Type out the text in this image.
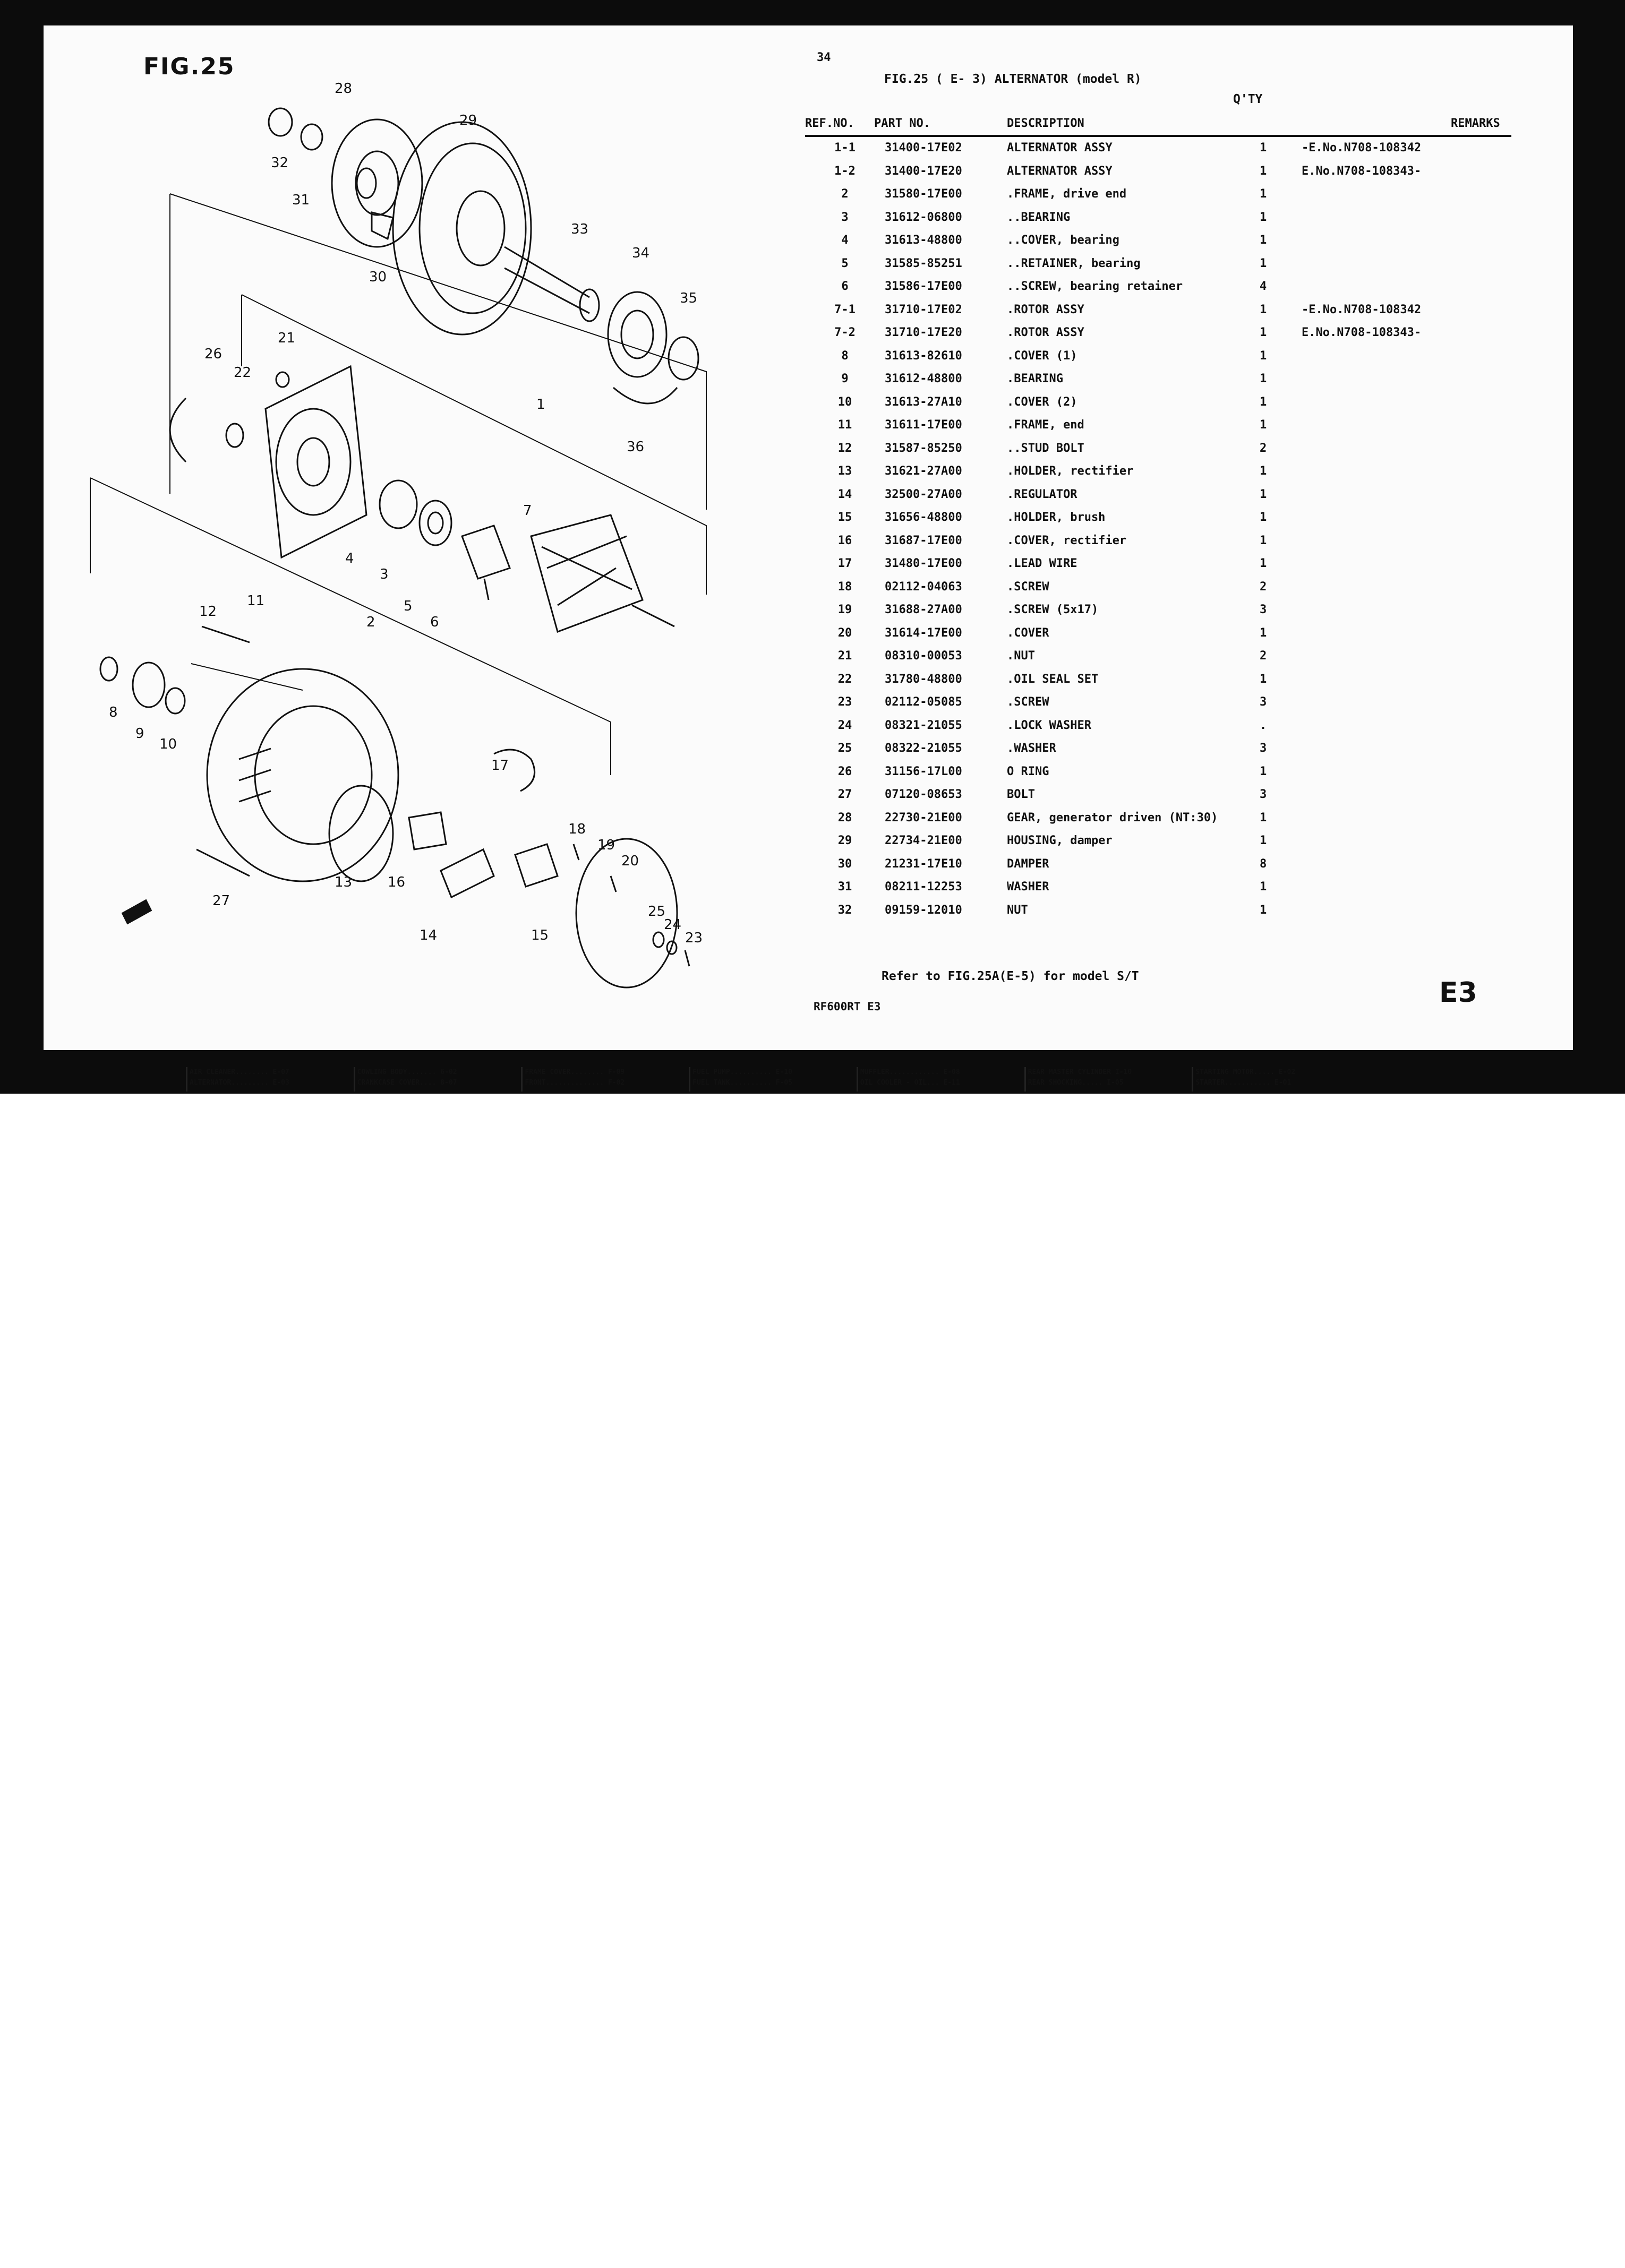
FIG.25
1
2
3
4
5
6
7
8
9
10
11
12
13
14	15
16
17
18
19
20
21
22
23
24
25
26
27
28
29
30
31
32
33
34
35
36
34
FIG.25 ( E- 3) ALTERNATOR (model R)
Q'TY
REF.NO. PART NO.	DESCRIPTION	REMARKS
1-1	31400-17E02	ALTERNATOR ASSY	1	-E.No.N708-108342
1-2	31400-17E20	ALTERNATOR ASSY	1	E.No.N708-108343-
2	31580-17E00	.FRAME, drive end	1
3	31612-06800	..BEARING	1
4	31613-48800	..COVER, bearing	1
5	31585-85251	..RETAINER, bearing	1
6	31586-17E00	..SCREW, bearing retainer	4
7-1	31710-17E02	.ROTOR ASSY	1	-E.No.N708-108342
7-2	31710-17E20	.ROTOR ASSY	1	E.No.N708-108343-
8	31613-82610	.COVER (1)	1
9	31612-48800	.BEARING	1
10	31613-27A10	.COVER (2)	1
11	31611-17E00	.FRAME, end	1
12	31587-85250	..STUD BOLT	2
13	31621-27A00	.HOLDER, rectifier	1
14	32500-27A00	.REGULATOR	1
15	31656-48800	.HOLDER, brush	1
16	31687-17E00	.COVER, rectifier	1
17	31480-17E00	.LEAD WIRE	1
18	02112-04063	.SCREW	2
19	31688-27A00	.SCREW (5x17)	3
20	31614-17E00	.COVER	1
21	08310-00053	.NUT	2
22	31780-48800	.OIL SEAL SET	1
23	02112-05085	.SCREW	3
24	08321-21055	.LOCK WASHER	.
25	08322-21055	.WASHER	3
26	31156-17L00	O RING	1
27	07120-08653	BOLT	3
28	22730-21E00	GEAR, generator driven (NT:30)	1
29	22734-21E00	HOUSING, damper	1
30	21231-17E10	DAMPER	8
31	08211-12253	WASHER	1
32	09159-12010	NUT	1
Refer to FIG.25A(E-5) for model S/T
RF600RT E3	E3
AIR CLEANER........ E-07
ALTERNATOR......... E-03
COWLING BODY....... 6-02
CRANKCASE COVER.... 8-07
FRAME COVER........ F-09
FRONT.............. F-02
FUEL PUMP.......... E-10
FUEL TANK.......... F-05
MUFFLER............ E-08
OIL COOLER - OIL... E-11
REAR MASTER CYLINDER I-10
REAR SHOCKING..... I-05
STARTING MOTOR..... E-02
STARTER........... E-01
